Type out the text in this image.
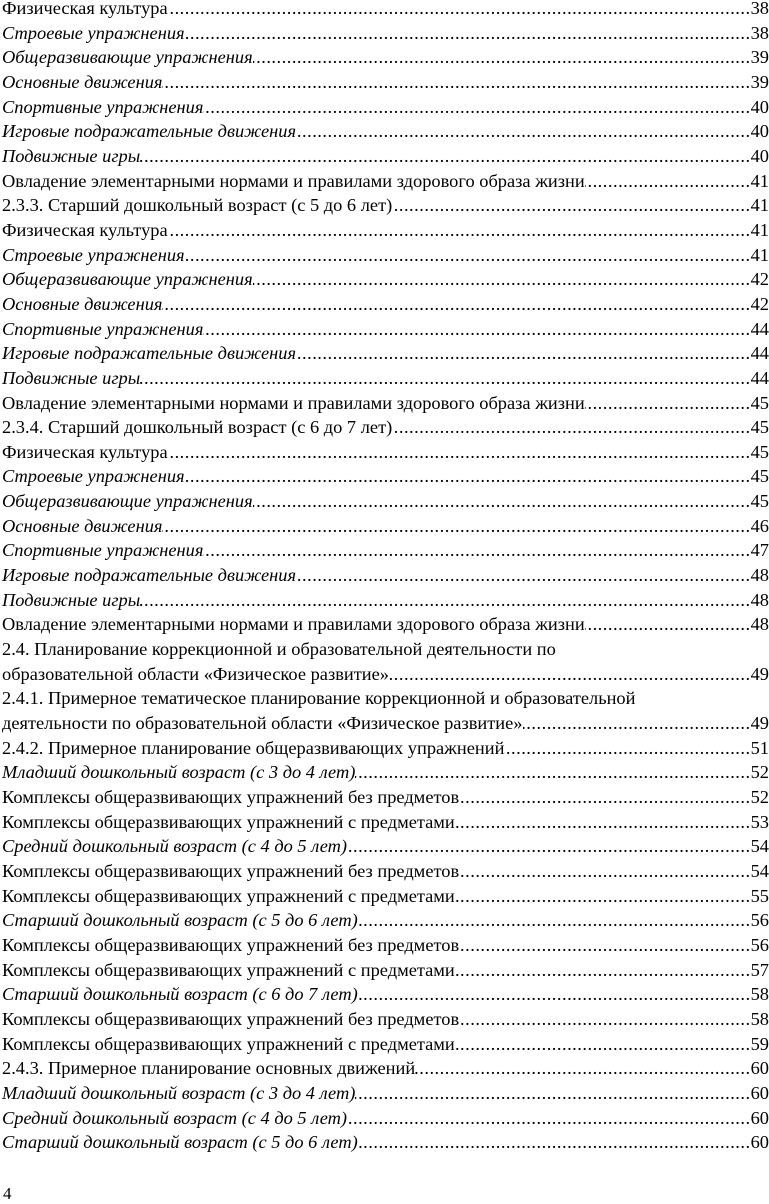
Физическая культура .....	38
Строевые упражнения .....	38
Общеразвивающие упражнения .....	39
Основные движения .....	39
Спортивные упражнения .....	40
Игровые подражательные движения .....	40
Подвижные игры .....	40
Овладение элементарными нормами и правилами здорового образа жизни .....	41
2.3.3. Старший дошкольный возраст (с 5 до 6 лет) .....	41
Физическая культура .....	41
Строевые упражнения .....	41
Общеразвивающие упражнения .....	42
Основные движения .....	42
Спортивные упражнения .....	44
Игровые подражательные движения .....	44
Подвижные игры .....	44
Овладение элементарными нормами и правилами здорового образа жизни .....	45
2.3.4. Старший дошкольный возраст (с 6 до 7 лет) .....	45
Физическая культура .....	45
Строевые упражнения .....	45
Общеразвивающие упражнения .....	45
Основные движения .....	46
Спортивные упражнения .....	47
Игровые подражательные движения .....	48
Подвижные игры .....	48
Овладение элементарными нормами и правилами здорового образа жизни .....	48
2.4. Планирование коррекционной и образовательной деятельности по
образовательной области «Физическое развитие» .....	49
2.4.1. Примерное тематическое планирование коррекционной и образовательной
деятельности по образовательной области «Физическое развитие» .....	49
2.4.2. Примерное планирование общеразвивающих упражнений .....	51
Младший дошкольный возраст (с 3 до 4 лет) .....	52
Комплексы общеразвивающих упражнений без предметов .....	52
Комплексы общеразвивающих упражнений с предметами .....	53
Средний дошкольный возраст (с 4 до 5 лет) .....	54
Комплексы общеразвивающих упражнений без предметов .....	54
Комплексы общеразвивающих упражнений с предметами .....	55
Старший дошкольный возраст (с 5 до 6 лет) .....	56
Комплексы общеразвивающих упражнений без предметов .....	56
Комплексы общеразвивающих упражнений с предметами .....	57
Старший дошкольный возраст (с 6 до 7 лет) .....	58
Комплексы общеразвивающих упражнений без предметов .....	58
Комплексы общеразвивающих упражнений с предметами .....	59
2.4.3. Примерное планирование основных движений .....	60
Младший дошкольный возраст (с 3 до 4 лет) .....	60
Средний дошкольный возраст (с 4 до 5 лет) .....	60
Старший дошкольный возраст (с 5 до 6 лет) .....	60
4
